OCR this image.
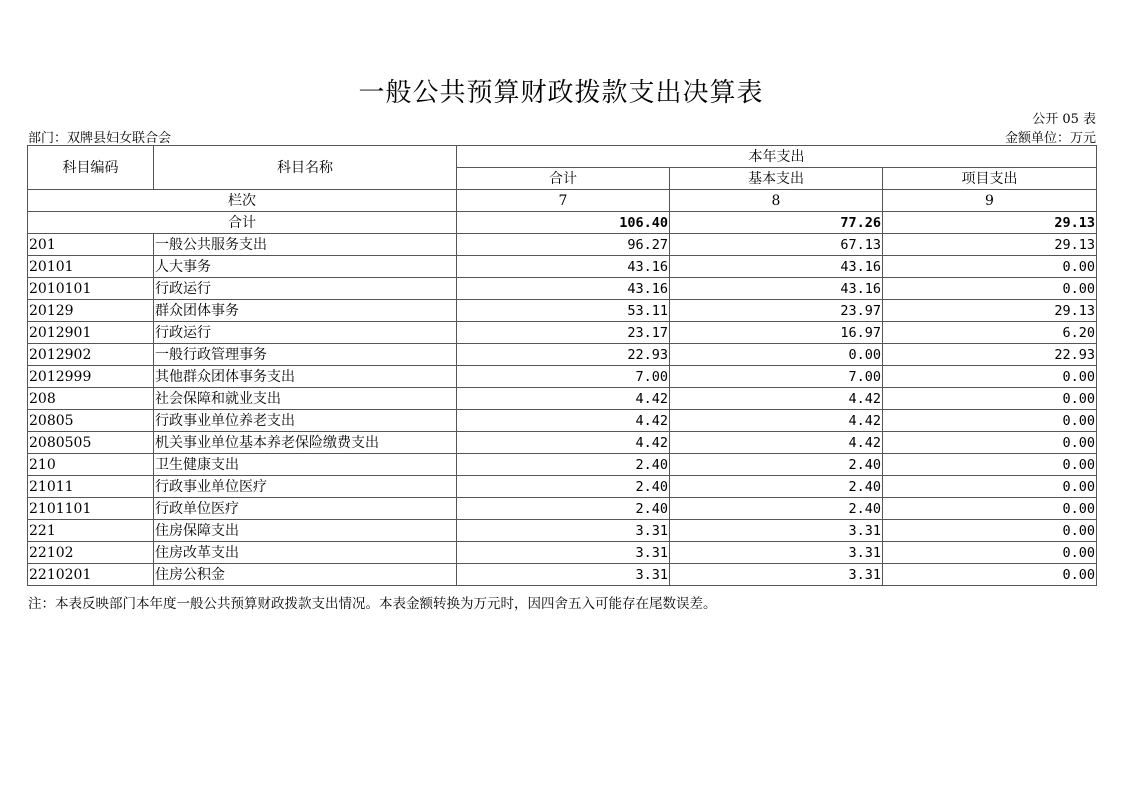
一般公共预算财政拨款支出决算表
公开 05 表
部门：双牌县妇女联合会	金额单位：万元
科目编码	科目名称	本年支出		
		合计	基本支出	项目支出
栏次		7	8	9
合计		106.40	77.26	29.13
201	一般公共服务支出	96.27	67.13	29.13
20101	人大事务	43.16	43.16	0.00
2010101	行政运行	43.16	43.16	0.00
20129	群众团体事务	53.11	23.97	29.13
2012901	行政运行	23.17	16.97	6.20
2012902	一般行政管理事务	22.93	0.00	22.93
2012999	其他群众团体事务支出	7.00	7.00	0.00
208	社会保障和就业支出	4.42	4.42	0.00
20805	行政事业单位养老支出	4.42	4.42	0.00
2080505	机关事业单位基本养老保险缴费支出	4.42	4.42	0.00
210	卫生健康支出	2.40	2.40	0.00
21011	行政事业单位医疗	2.40	2.40	0.00
2101101	行政单位医疗	2.40	2.40	0.00
221	住房保障支出	3.31	3.31	0.00
22102	住房改革支出	3.31	3.31	0.00
2210201	住房公积金	3.31	3.31	0.00
注：本表反映部门本年度一般公共预算财政拨款支出情况。本表金额转换为万元时，因四舍五入可能存在尾数误差。
